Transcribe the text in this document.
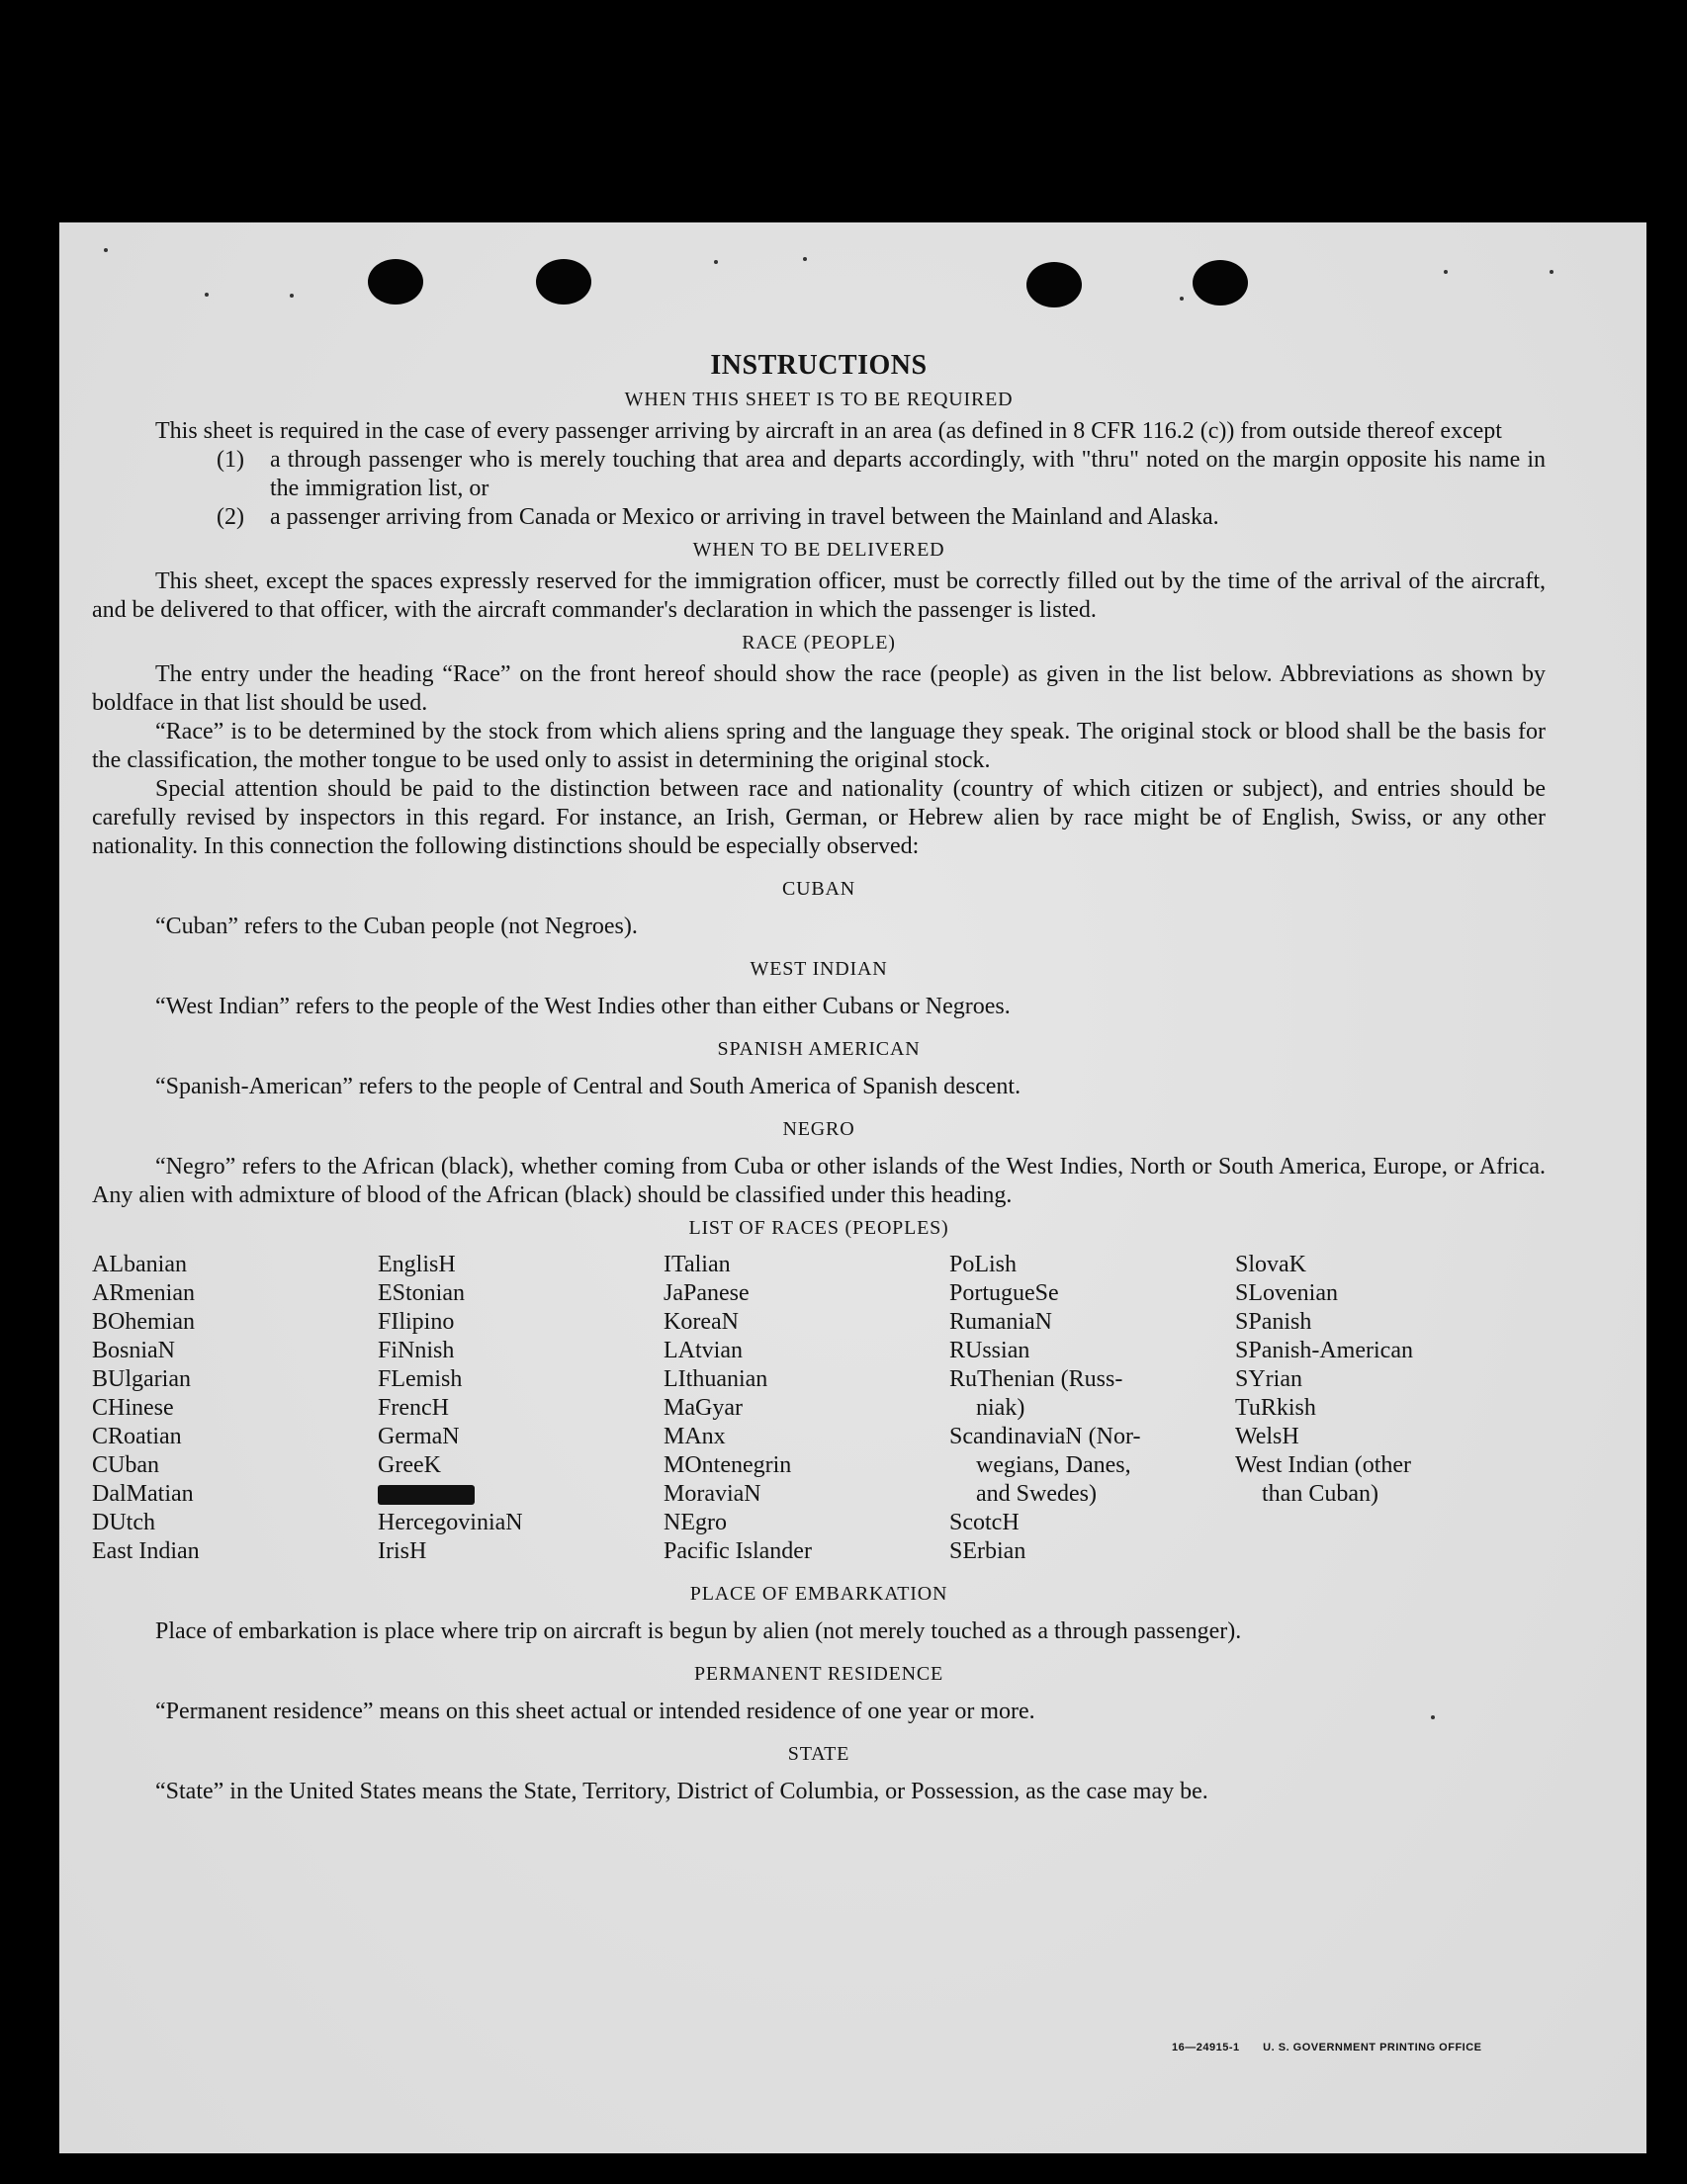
INSTRUCTIONS
WHEN THIS SHEET IS TO BE REQUIRED

This sheet is required in the case of every passenger arriving by aircraft in an area (as defined in 8 CFR 116.2 (c)) from outside thereof except

(1)	a through passenger who is merely touching that area and departs accordingly, with "thru" noted on the margin opposite his name in the immigration list, or
(2)	a passenger arriving from Canada or Mexico or arriving in travel between the Mainland and Alaska.
WHEN TO BE DELIVERED

This sheet, except the spaces expressly reserved for the immigration officer, must be correctly filled out by the time of the arrival of the aircraft, and be delivered to that officer, with the aircraft commander's declaration in which the passenger is listed.

RACE (PEOPLE)

The entry under the heading “Race” on the front hereof should show the race (people) as given in the list below. Abbreviations as shown by boldface in that list should be used.

“Race” is to be determined by the stock from which aliens spring and the language they speak. The original stock or blood shall be the basis for the classification, the mother tongue to be used only to assist in determining the original stock.

Special attention should be paid to the distinction between race and nationality (country of which citizen or subject), and entries should be carefully revised by inspectors in this regard. For instance, an Irish, German, or Hebrew alien by race might be of English, Swiss, or any other nationality. In this connection the following distinctions should be especially observed:

CUBAN

“Cuban” refers to the Cuban people (not Negroes).

WEST INDIAN

“West Indian” refers to the people of the West Indies other than either Cubans or Negroes.

SPANISH AMERICAN

“Spanish-American” refers to the people of Central and South America of Spanish descent.

NEGRO

“Negro” refers to the African (black), whether coming from Cuba or other islands of the West Indies, North or South America, Europe, or Africa. Any alien with admixture of blood of the African (black) should be classified under this heading.

LIST OF RACES (PEOPLES)
ALbanian
ARmenian
BOhemian
BosniaN
BUlgarian
CHinese
CRoatian
CUban
DalMatian
DUtch
East Indian
EnglisH
EStonian
FIlipino
FiNnish
FLemish
FrencH
GermaN
GreeK
HercegoviniaN
IrisH
ITalian
JaPanese
KoreaN
LAtvian
LIthuanian
MaGyar
MAnx
MOntenegrin
MoraviaN
NEgro
Pacific Islander
PoLish
PortugueSe
RumaniaN
RUssian
RuThenian (Russ-
niak)
ScandinaviaN (Nor-
wegians, Danes,
and Swedes)
ScotcH
SErbian
SlovaK
SLovenian
SPanish
SPanish-American
SYrian
TuRkish
WelsH
West Indian (other
than Cuban)
PLACE OF EMBARKATION

Place of embarkation is place where trip on aircraft is begun by alien (not merely touched as a through passenger).

PERMANENT RESIDENCE

“Permanent residence” means on this sheet actual or intended residence of one year or more.

STATE

“State” in the United States means the State, Territory, District of Columbia, or Possession, as the case may be.

16—24915-1 U. S. GOVERNMENT PRINTING OFFICE
